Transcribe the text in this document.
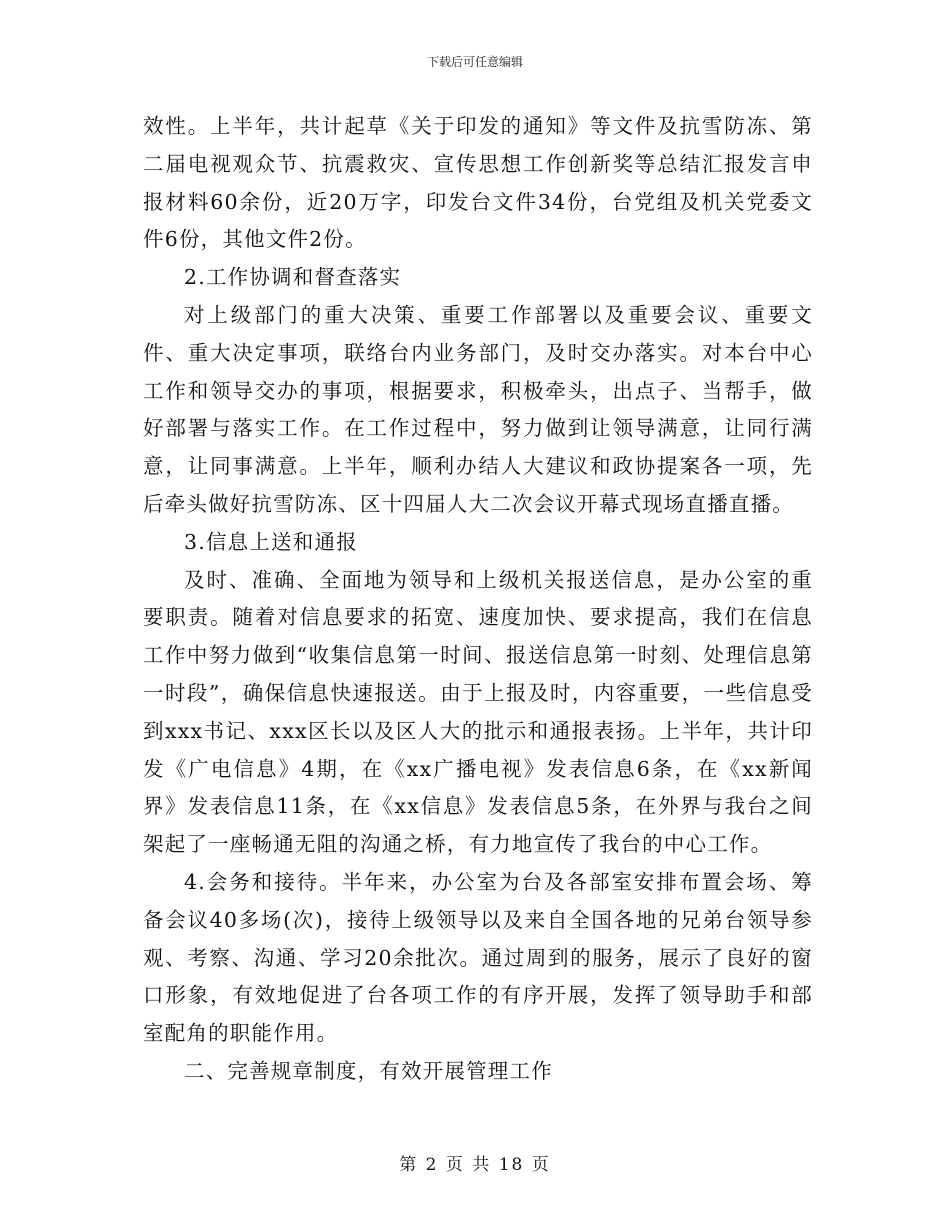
下载后可任意编辑

效性。上半年，共计起草《关于印发的通知》等文件及抗雪防冻、第二届电视观众节、抗震救灾、宣传思想工作创新奖等总结汇报发言申报材料60余份，近20万字，印发台文件34份，台党组及机关党委文件6份，其他文件2份。

2.工作协调和督查落实

对上级部门的重大决策、重要工作部署以及重要会议、重要文件、重大决定事项，联络台内业务部门，及时交办落实。对本台中心工作和领导交办的事项，根据要求，积极牵头，出点子、当帮手，做好部署与落实工作。在工作过程中，努力做到让领导满意，让同行满意，让同事满意。上半年，顺利办结人大建议和政协提案各一项，先后牵头做好抗雪防冻、区十四届人大二次会议开幕式现场直播直播。

3.信息上送和通报

及时、准确、全面地为领导和上级机关报送信息，是办公室的重要职责。随着对信息要求的拓宽、速度加快、要求提高，我们在信息工作中努力做到“收集信息第一时间、报送信息第一时刻、处理信息第一时段”，确保信息快速报送。由于上报及时，内容重要，一些信息受到xxx书记、xxx区长以及区人大的批示和通报表扬。上半年，共计印发《广电信息》4期，在《xx广播电视》发表信息6条，在《xx新闻界》发表信息11条，在《xx信息》发表信息5条，在外界与我台之间架起了一座畅通无阻的沟通之桥，有力地宣传了我台的中心工作。

4.会务和接待。半年来，办公室为台及各部室安排布置会场、筹备会议40多场(次)，接待上级领导以及来自全国各地的兄弟台领导参观、考察、沟通、学习20余批次。通过周到的服务，展示了良好的窗口形象，有效地促进了台各项工作的有序开展，发挥了领导助手和部室配角的职能作用。

二、完善规章制度，有效开展管理工作

第 2 页 共 18 页
